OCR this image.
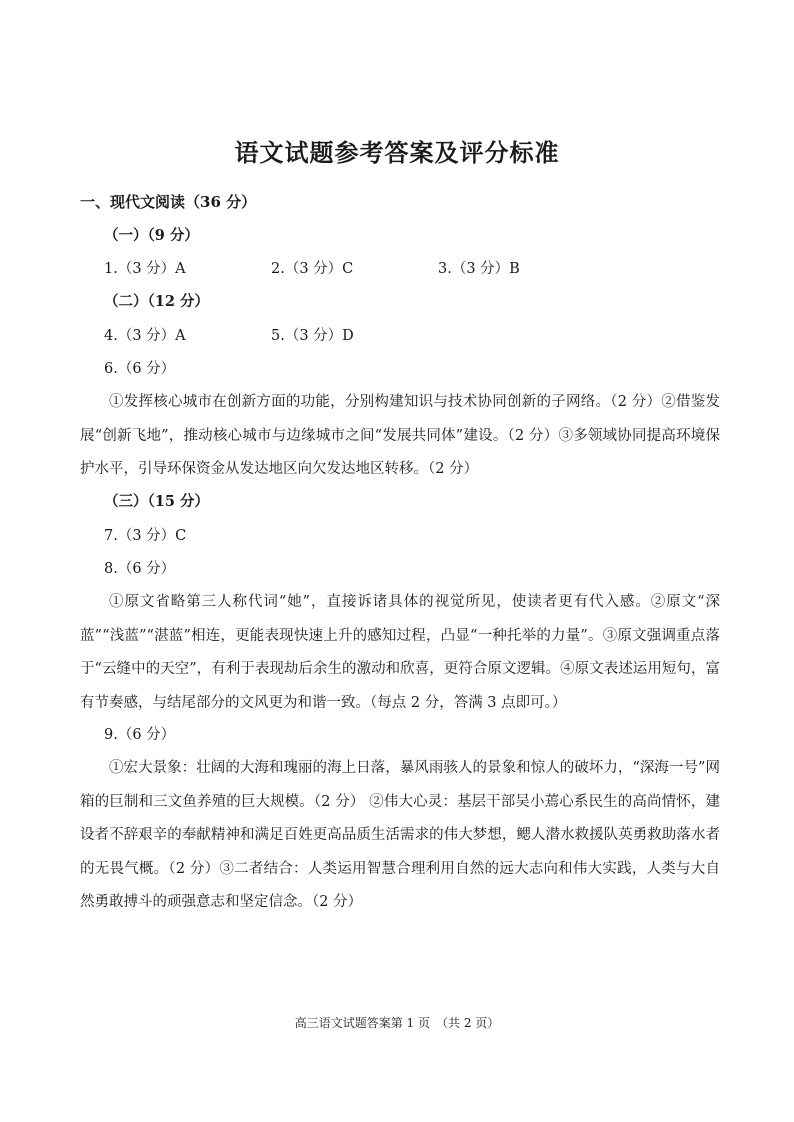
语文试题参考答案及评分标准
一、现代文阅读（36 分）
（一）（9 分）
1.（3 分）A	2.（3 分）C	3.（3 分）B
（二）（12 分）
4.（3 分）A	5.（3 分）D
6.（6 分）
①发挥核心城市在创新方面的功能，分别构建知识与技术协同创新的子网络。（2 分）②借鉴发展“创新飞地”，推动核心城市与边缘城市之间“发展共同体”建设。（2 分）③多领域协同提高环境保护水平，引导环保资金从发达地区向欠发达地区转移。（2 分）
（三）（15 分）
7.（3 分）C
8.（6 分）
①原文省略第三人称代词“她”，直接诉诸具体的视觉所见，使读者更有代入感。②原文“深蓝”“浅蓝”“湛蓝”相连，更能表现快速上升的感知过程，凸显“一种托举的力量”。③原文强调重点落于“云缝中的天空”，有利于表现劫后余生的激动和欣喜，更符合原文逻辑。④原文表述运用短句，富有节奏感，与结尾部分的文风更为和谐一致。（每点 2 分，答满 3 点即可。）
9.（6 分）
①宏大景象：壮阔的大海和瑰丽的海上日落，暴风雨骇人的景象和惊人的破坏力，“深海一号”网箱的巨制和三文鱼养殖的巨大规模。（2 分） ②伟大心灵：基层干部吴小蔫心系民生的高尚情怀，建设者不辞艰辛的奉献精神和满足百姓更高品质生活需求的伟大梦想，鳃人潜水救援队英勇救助落水者的无畏气概。（2 分）③二者结合：人类运用智慧合理利用自然的远大志向和伟大实践，人类与大自然勇敢搏斗的顽强意志和坚定信念。（2 分）
高三语文试题答案第 1 页　（共 2 页）
